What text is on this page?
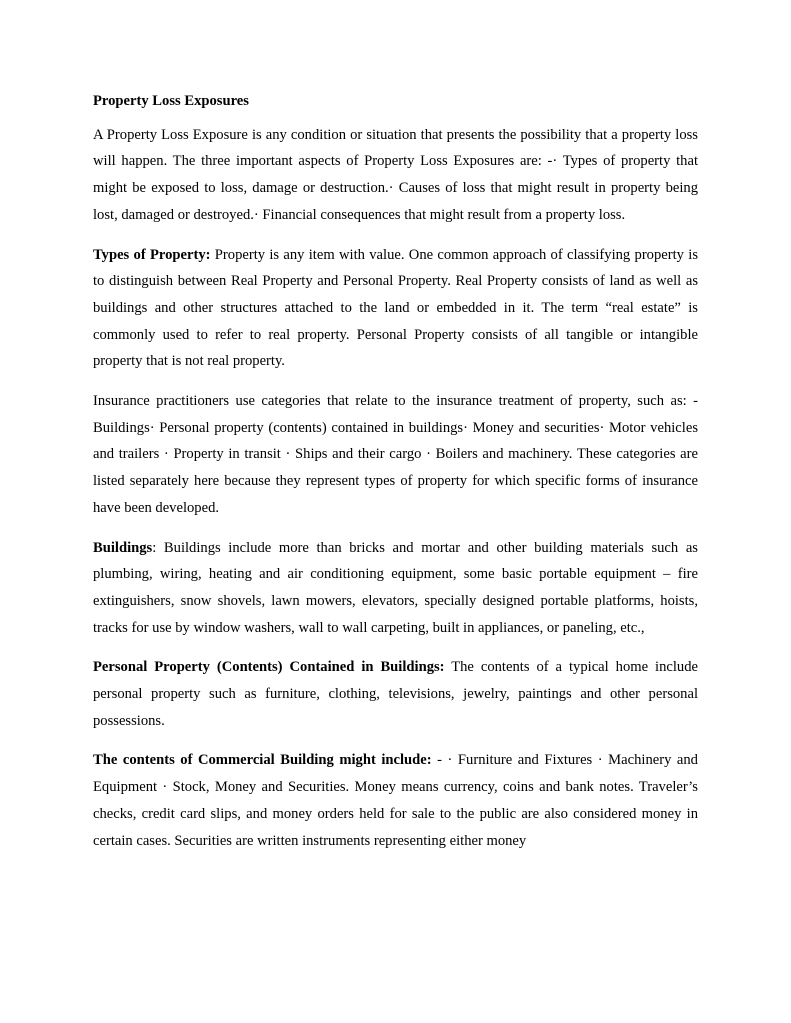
Property Loss Exposures

A Property Loss Exposure is any condition or situation that presents the possibility that a property loss will happen. The three important aspects of Property Loss Exposures are: -· Types of property that might be exposed to loss, damage or destruction.· Causes of loss that might result in property being lost, damaged or destroyed.· Financial consequences that might result from a property loss.

Types of Property: Property is any item with value. One common approach of classifying property is to distinguish between Real Property and Personal Property. Real Property consists of land as well as buildings and other structures attached to the land or embedded in it. The term “real estate” is commonly used to refer to real property. Personal Property consists of all tangible or intangible property that is not real property.

Insurance practitioners use categories that relate to the insurance treatment of property, such as: - Buildings· Personal property (contents) contained in buildings· Money and securities· Motor vehicles and trailers · Property in transit · Ships and their cargo · Boilers and machinery. These categories are listed separately here because they represent types of property for which specific forms of insurance have been developed.

Buildings: Buildings include more than bricks and mortar and other building materials such as plumbing, wiring, heating and air conditioning equipment, some basic portable equipment – fire extinguishers, snow shovels, lawn mowers, elevators, specially designed portable platforms, hoists, tracks for use by window washers, wall to wall carpeting, built in appliances, or paneling, etc.,

Personal Property (Contents) Contained in Buildings: The contents of a typical home include personal property such as furniture, clothing, televisions, jewelry, paintings and other personal possessions.

The contents of Commercial Building might include: - · Furniture and Fixtures · Machinery and Equipment · Stock, Money and Securities. Money means currency, coins and bank notes. Traveler’s checks, credit card slips, and money orders held for sale to the public are also considered money in certain cases. Securities are written instruments representing either money
